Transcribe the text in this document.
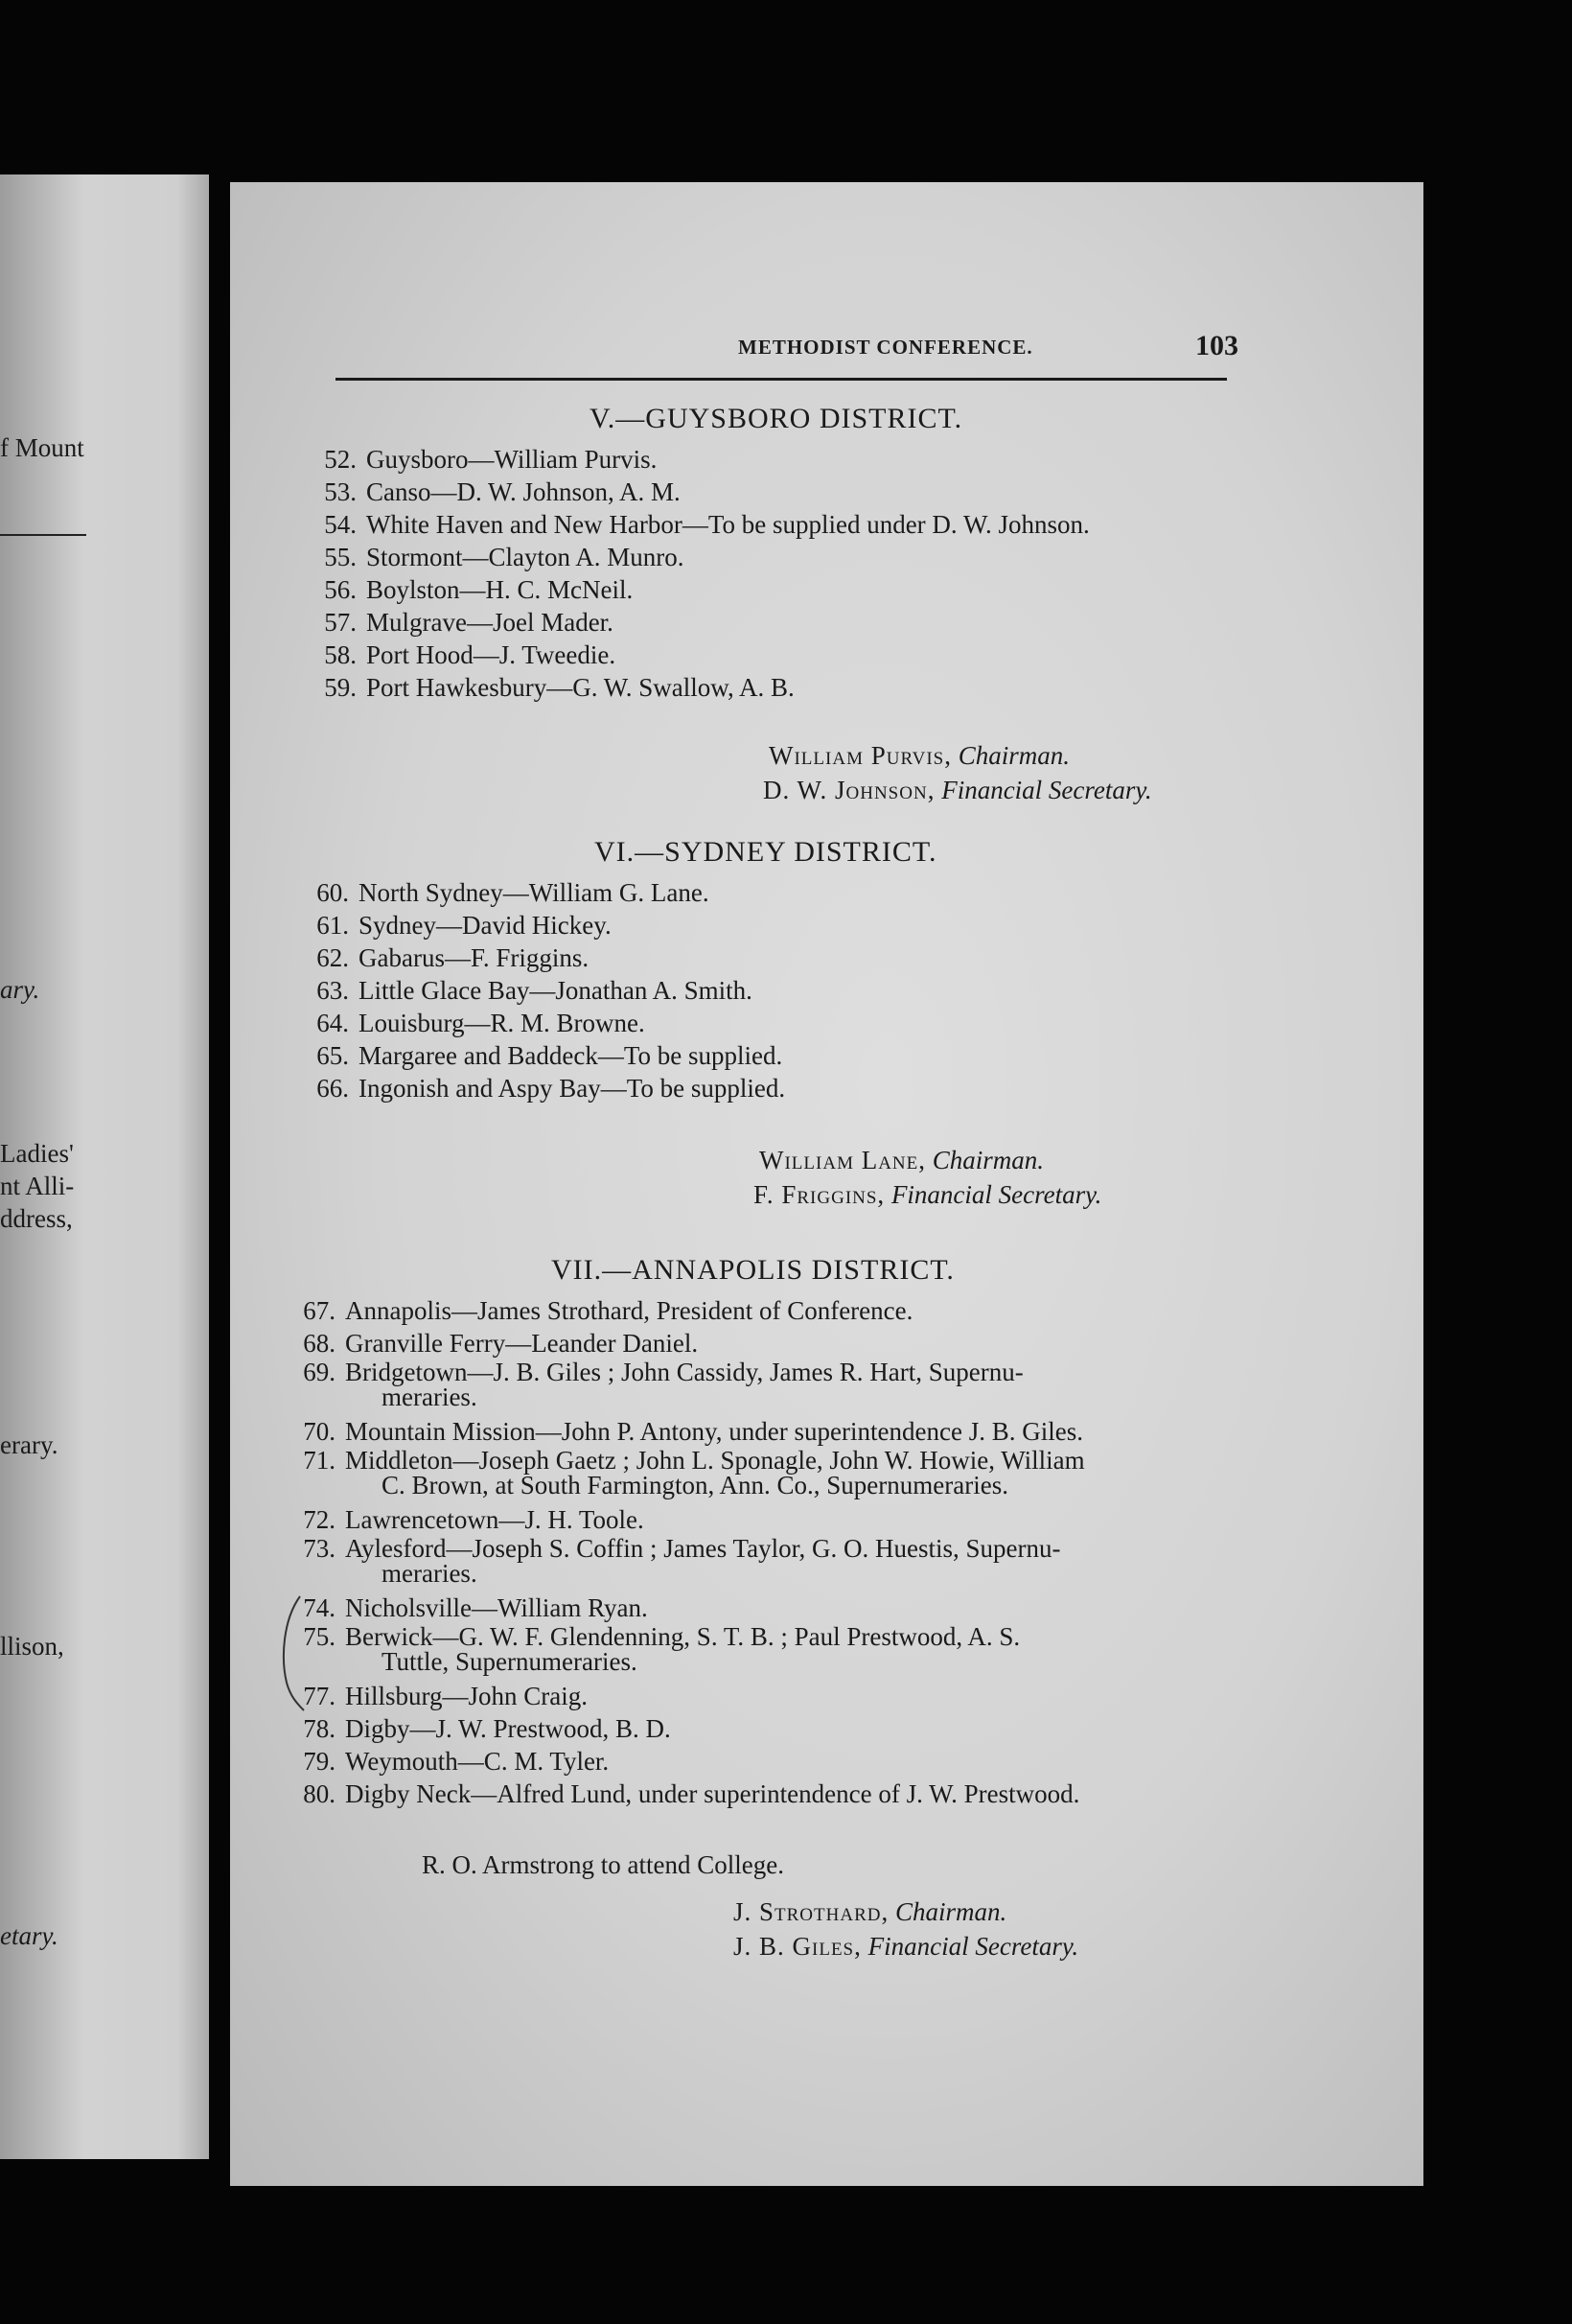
f Mount
ary.
Ladies'
nt Alli-
ddress,
erary.
llison,
etary.
METHODIST CONFERENCE.	103
V.—GUYSBORO DISTRICT.
52. Guysboro—William Purvis.
53. Canso—D. W. Johnson, A. M.
54. White Haven and New Harbor—To be supplied under D. W. Johnson.
55. Stormont—Clayton A. Munro.
56. Boylston—H. C. McNeil.
57. Mulgrave—Joel Mader.
58. Port Hood—J. Tweedie.
59. Port Hawkesbury—G. W. Swallow, A. B.
William Purvis, Chairman.
D. W. Johnson, Financial Secretary.
VI.—SYDNEY DISTRICT.
60. North Sydney—William G. Lane.
61. Sydney—David Hickey.
62. Gabarus—F. Friggins.
63. Little Glace Bay—Jonathan A. Smith.
64. Louisburg—R. M. Browne.
65. Margaree and Baddeck—To be supplied.
66. Ingonish and Aspy Bay—To be supplied.
William Lane, Chairman.
F. Friggins, Financial Secretary.
VII.—ANNAPOLIS DISTRICT.
67. Annapolis—James Strothard, President of Conference.
68. Granville Ferry—Leander Daniel.
69. Bridgetown—J. B. Giles ; John Cassidy, James R. Hart, Supernu-
meraries.
70. Mountain Mission—John P. Antony, under superintendence J. B. Giles.
71. Middleton—Joseph Gaetz ; John L. Sponagle, John W. Howie, William
C. Brown, at South Farmington, Ann. Co., Supernumeraries.
72. Lawrencetown—J. H. Toole.
73. Aylesford—Joseph S. Coffin ; James Taylor, G. O. Huestis, Supernu-
meraries.
74. Nicholsville—William Ryan.
75. Berwick—G. W. F. Glendenning, S. T. B. ; Paul Prestwood, A. S.
Tuttle, Supernumeraries.
77. Hillsburg—John Craig.
78. Digby—J. W. Prestwood, B. D.
79. Weymouth—C. M. Tyler.
80. Digby Neck—Alfred Lund, under superintendence of J. W. Prestwood.
R. O. Armstrong to attend College.
J. Strothard, Chairman.
J. B. Giles, Financial Secretary.
